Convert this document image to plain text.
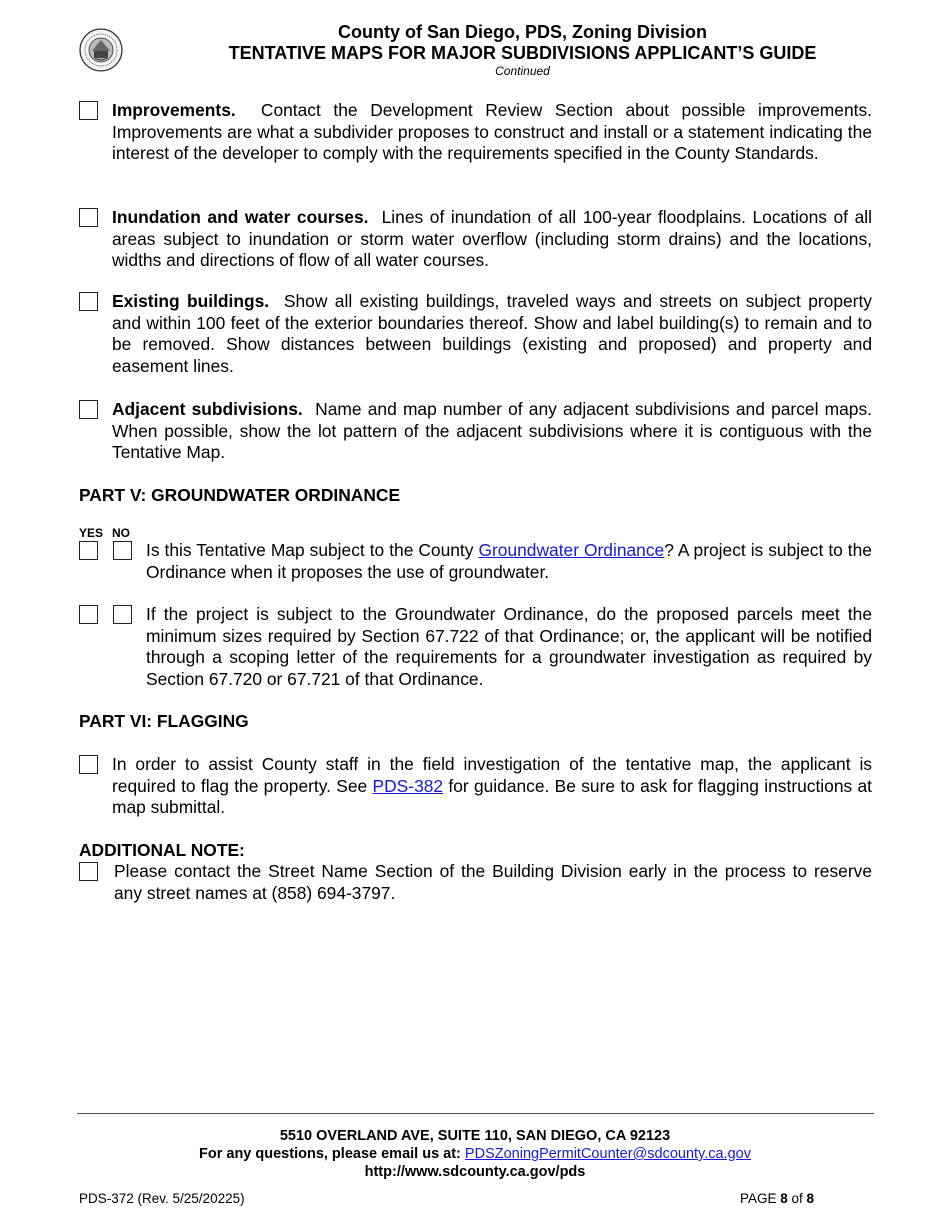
County of San Diego, PDS, Zoning Division
TENTATIVE MAPS FOR MAJOR SUBDIVISIONS APPLICANT’S GUIDE
Continued
Improvements. Contact the Development Review Section about possible improvements. Improvements are what a subdivider proposes to construct and install or a statement indicating the interest of the developer to comply with the requirements specified in the County Standards.
Inundation and water courses. Lines of inundation of all 100-year floodplains. Locations of all areas subject to inundation or storm water overflow (including storm drains) and the locations, widths and directions of flow of all water courses.
Existing buildings. Show all existing buildings, traveled ways and streets on subject property and within 100 feet of the exterior boundaries thereof. Show and label building(s) to remain and to be removed. Show distances between buildings (existing and proposed) and property and easement lines.
Adjacent subdivisions. Name and map number of any adjacent subdivisions and parcel maps. When possible, show the lot pattern of the adjacent subdivisions where it is contiguous with the Tentative Map.
PART V: GROUNDWATER ORDINANCE
YES NO
Is this Tentative Map subject to the County Groundwater Ordinance? A project is subject to the Ordinance when it proposes the use of groundwater.
If the project is subject to the Groundwater Ordinance, do the proposed parcels meet the minimum sizes required by Section 67.722 of that Ordinance; or, the applicant will be notified through a scoping letter of the requirements for a groundwater investigation as required by Section 67.720 or 67.721 of that Ordinance.
PART VI: FLAGGING
In order to assist County staff in the field investigation of the tentative map, the applicant is required to flag the property. See PDS-382 for guidance. Be sure to ask for flagging instructions at map submittal.
ADDITIONAL NOTE:
Please contact the Street Name Section of the Building Division early in the process to reserve any street names at (858) 694-3797.
5510 OVERLAND AVE, SUITE 110, SAN DIEGO, CA 92123
For any questions, please email us at: PDSZoningPermitCounter@sdcounty.ca.gov
http://www.sdcounty.ca.gov/pds
PDS-372 (Rev. 5/25/20225)	PAGE 8 of 8
